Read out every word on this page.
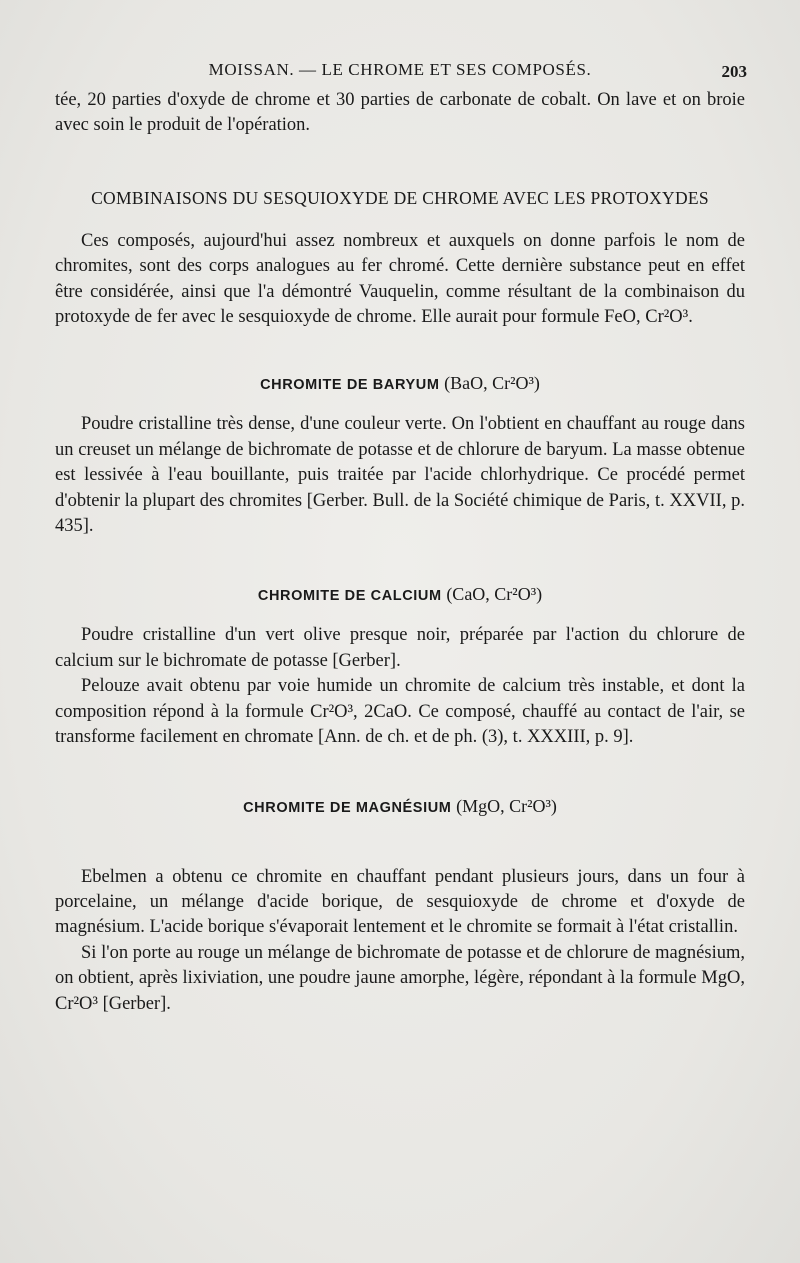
MOISSAN. — LE CHROME ET SES COMPOSÉS.	203

tée, 20 parties d'oxyde de chrome et 30 parties de carbonate de cobalt. On lave et on broie avec soin le produit de l'opération.

COMBINAISONS DU SESQUIOXYDE DE CHROME AVEC LES PROTOXYDES

Ces composés, aujourd'hui assez nombreux et auxquels on donne parfois le nom de chromites, sont des corps analogues au fer chromé. Cette dernière substance peut en effet être considérée, ainsi que l'a démontré Vauquelin, comme résultant de la combinaison du protoxyde de fer avec le sesquioxyde de chrome. Elle aurait pour formule FeO, Cr²O³.

CHROMITE DE BARYUM (BaO, Cr²O³)

Poudre cristalline très dense, d'une couleur verte. On l'obtient en chauffant au rouge dans un creuset un mélange de bichromate de potasse et de chlorure de baryum. La masse obtenue est lessivée à l'eau bouillante, puis traitée par l'acide chlorhydrique. Ce procédé permet d'obtenir la plupart des chromites [Gerber. Bull. de la Société chimique de Paris, t. XXVII, p. 435].

CHROMITE DE CALCIUM (CaO, Cr²O³)

Poudre cristalline d'un vert olive presque noir, préparée par l'action du chlorure de calcium sur le bichromate de potasse [Gerber].

Pelouze avait obtenu par voie humide un chromite de calcium très instable, et dont la composition répond à la formule Cr²O³, 2CaO. Ce composé, chauffé au contact de l'air, se transforme facilement en chromate [Ann. de ch. et de ph. (3), t. XXXIII, p. 9].

CHROMITE DE MAGNÉSIUM (MgO, Cr²O³)

Ebelmen a obtenu ce chromite en chauffant pendant plusieurs jours, dans un four à porcelaine, un mélange d'acide borique, de sesquioxyde de chrome et d'oxyde de magnésium. L'acide borique s'évaporait lentement et le chromite se formait à l'état cristallin.

Si l'on porte au rouge un mélange de bichromate de potasse et de chlorure de magnésium, on obtient, après lixiviation, une poudre jaune amorphe, légère, répondant à la formule MgO, Cr²O³ [Gerber].
